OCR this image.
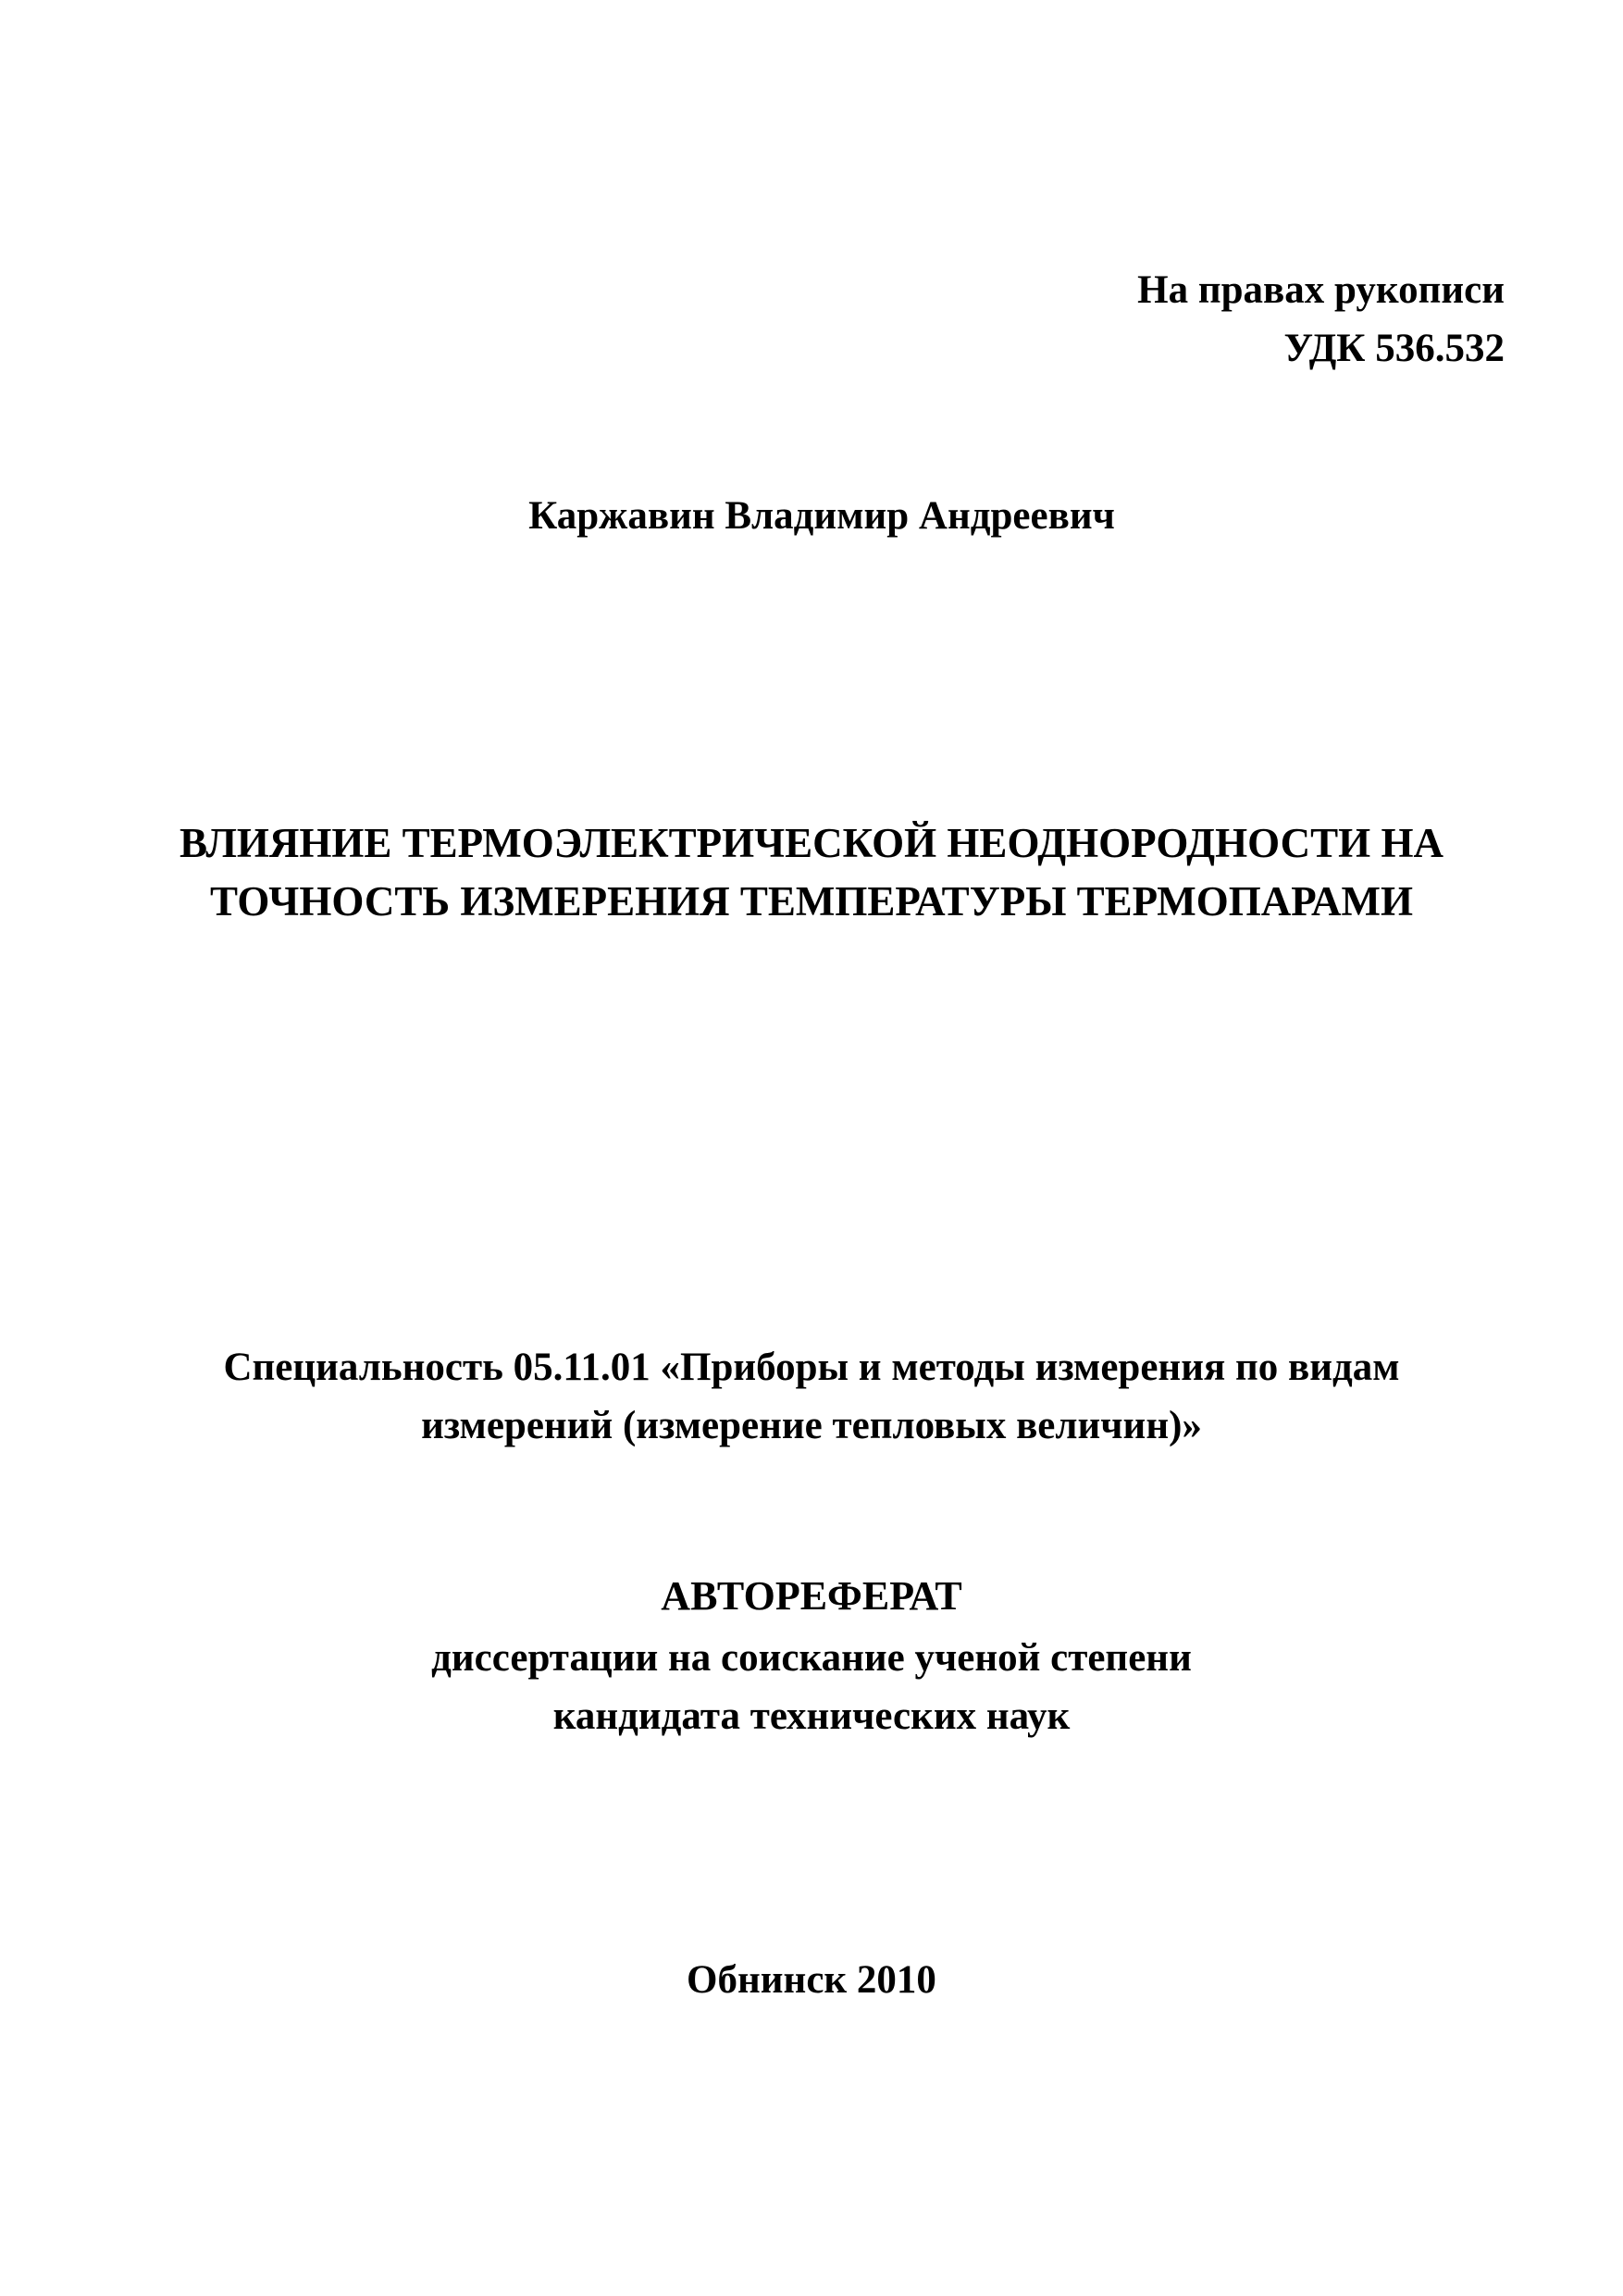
На правах рукописи
УДК 536.532
Каржавин Владимир Андреевич
ВЛИЯНИЕ ТЕРМОЭЛЕКТРИЧЕСКОЙ НЕОДНОРОДНОСТИ НА
ТОЧНОСТЬ ИЗМЕРЕНИЯ ТЕМПЕРАТУРЫ ТЕРМОПАРАМИ
Специальность 05.11.01 «Приборы и методы измерения по видам
измерений (измерение тепловых величин)»
АВТОРЕФЕРАТ
диссертации на соискание ученой степени
кандидата технических наук
Обнинск 2010
